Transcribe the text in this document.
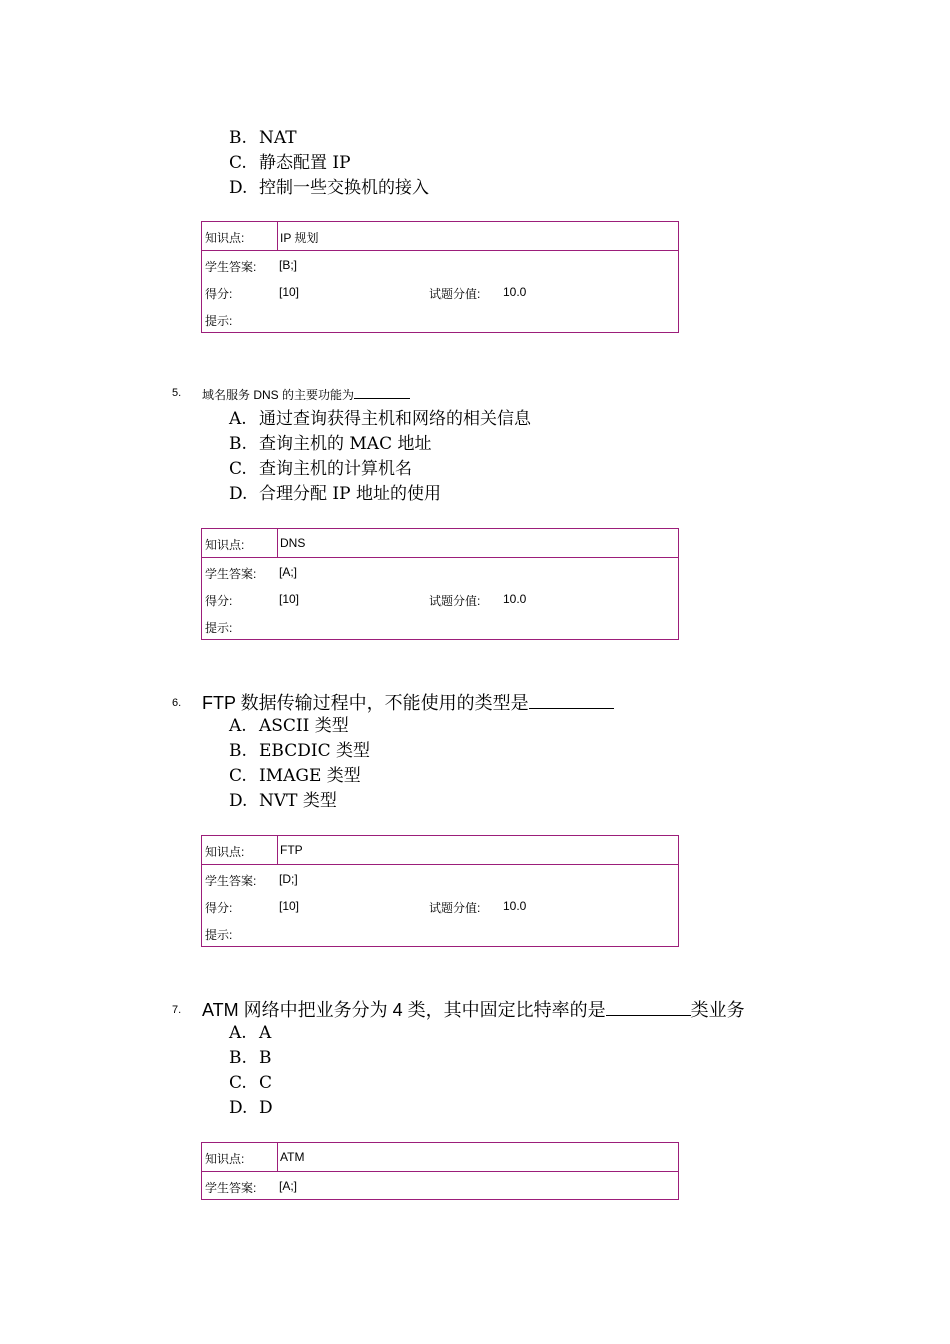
B. NAT
C. 静态配置 IP
D. 控制一些交换机的接入
知识点:	IP 规划
学生答案: [B;]
得分:	[10]	试题分值: 10.0
提示:
5. 域名服务 DNS 的主要功能为
A. 通过查询获得主机和网络的相关信息
B. 查询主机的 MAC 地址
C. 查询主机的计算机名
D. 合理分配 IP 地址的使用
知识点:	DNS
学生答案: [A;]
得分:	[10]	试题分值: 10.0
提示:
6. FTP 数据传输过程中，不能使用的类型是
A. ASCII 类型
B. EBCDIC 类型
C. IMAGE 类型
D. NVT 类型
知识点:	FTP
学生答案: [D;]
得分:	[10]	试题分值: 10.0
提示:
7. ATM 网络中把业务分为 4 类，其中固定比特率的是	类业务
A. A
B. B
C. C
D. D
知识点:	ATM
学生答案: [A;]
